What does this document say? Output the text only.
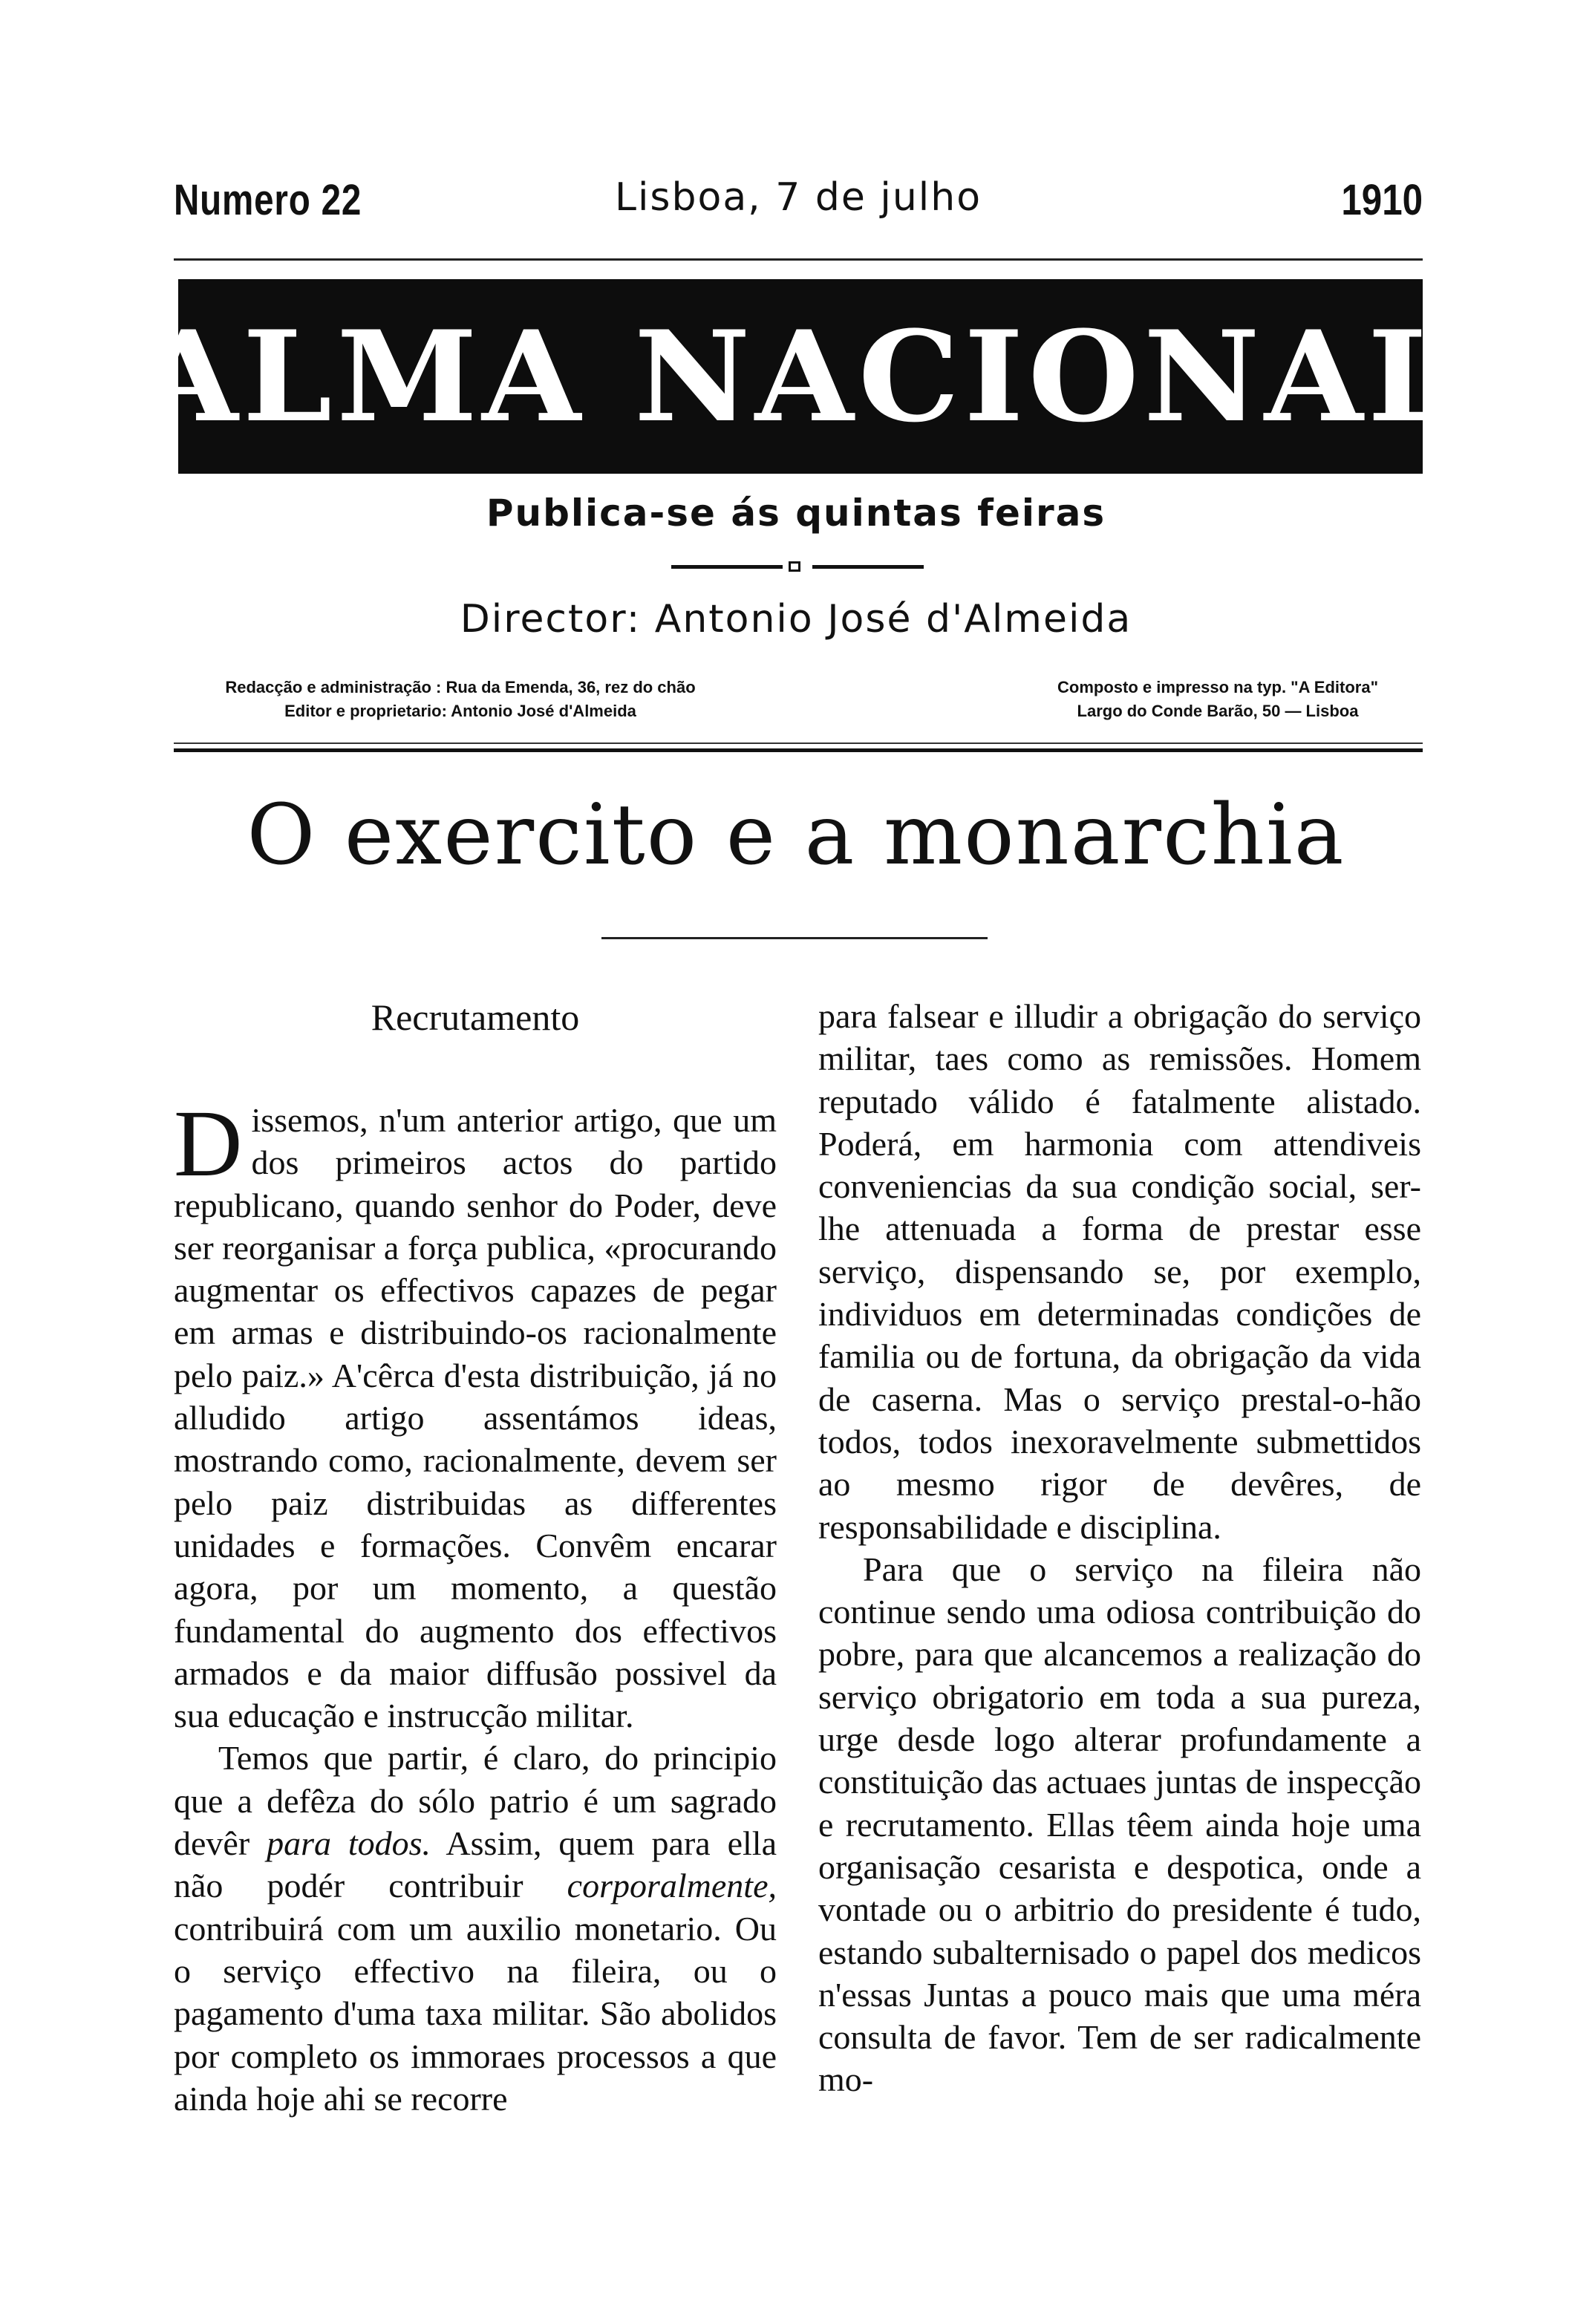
Numero 22	Lisboa, 7 de julho	1910
ALMA NACIONAL
Publica-se ás quintas feiras
Director: Antonio José d'Almeida
Redacção e administração : Rua da Emenda, 36, rez do chão
Editor e proprietario: Antonio José d'Almeida
Composto e impresso na typ. "A Editora"
Largo do Conde Barão, 50 — Lisboa
O exercito e a monarchia
Recrutamento

Dissemos, n'um anterior artigo, que um dos primeiros actos do partido republicano, quando senhor do Poder, deve ser reorganisar a força publica, «procurando augmentar os effectivos capazes de pegar em armas e distribuindo-os racionalmente pelo paiz.» A'cêrca d'esta distribuição, já no alludido artigo assentámos ideas, mostrando como, racionalmente, devem ser pelo paiz distribuidas as differentes unidades e formações. Convêm encarar agora, por um momento, a questão fundamental do augmento dos effectivos armados e da maior diffusão possivel da sua educação e instrucção militar.

Temos que partir, é claro, do principio que a defêza do sólo patrio é um sagrado devêr para todos. Assim, quem para ella não podér contribuir corporalmente, contribuirá com um auxilio monetario. Ou o serviço effectivo na fileira, ou o pagamento d'uma taxa militar. São abolidos por completo os immoraes processos a que ainda hoje ahi se recorre

para falsear e illudir a obrigação do serviço militar, taes como as remissões. Homem reputado válido é fatalmente alistado. Poderá, em harmonia com attendiveis conveniencias da sua condição social, ser-lhe attenuada a forma de prestar esse serviço, dispensando se, por exemplo, individuos em determinadas condições de familia ou de fortuna, da obrigação da vida de caserna. Mas o serviço prestal-o-hão todos, todos inexoravelmente submettidos ao mesmo rigor de devêres, de responsabilidade e disciplina.

Para que o serviço na fileira não continue sendo uma odiosa contribuição do pobre, para que alcancemos a realização do serviço obrigatorio em toda a sua pureza, urge desde logo alterar profundamente a constituição das actuaes juntas de inspecção e recrutamento. Ellas têem ainda hoje uma organisação cesarista e despotica, onde a vontade ou o arbitrio do presidente é tudo, estando subalternisado o papel dos medicos n'essas Juntas a pouco mais que uma méra consulta de favor. Tem de ser radicalmente mo-
